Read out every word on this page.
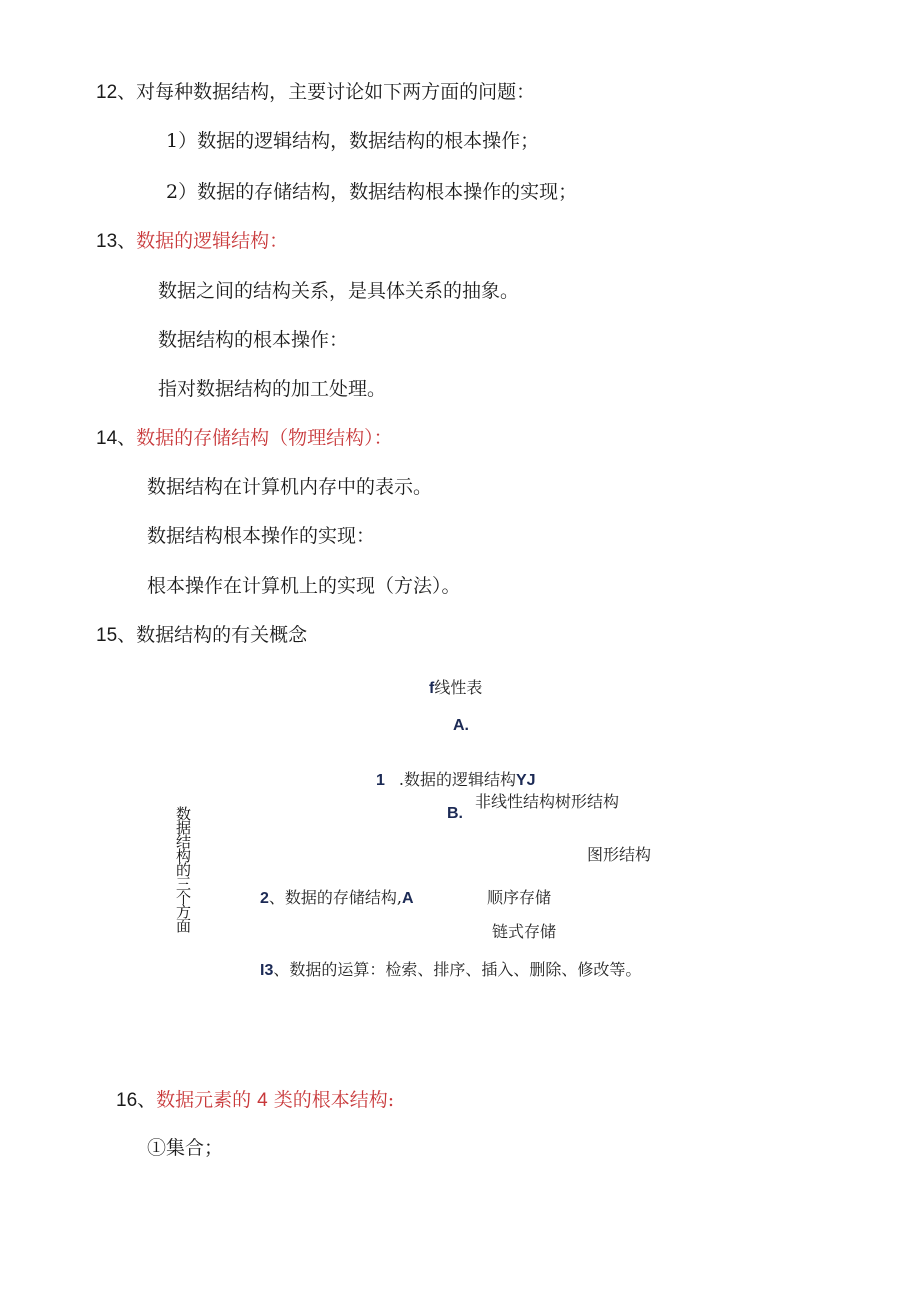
12、对每种数据结构，主要讨论如下两方面的问题：
1）数据的逻辑结构，数据结构的根本操作；
2）数据的存储结构，数据结构根本操作的实现；
13、数据的逻辑结构：
数据之间的结构关系，是具体关系的抽象。
数据结构的根本操作：
指对数据结构的加工处理。
14、数据的存储结构（物理结构）：
数据结构在计算机内存中的表示。
数据结构根本操作的实现：
根本操作在计算机上的实现（方法）。
15、数据结构的有关概念
f线性表
A.
1 .数据的逻辑结构YJ
非线性结构树形结构
B.
图形结构
2、数据的存储结构,A	顺序存储
链式存储
I3、数据的运算：检索、排序、插入、删除、修改等。
数据结构的三个方面
16、数据元素的 4 类的根本结构:
①集合；
